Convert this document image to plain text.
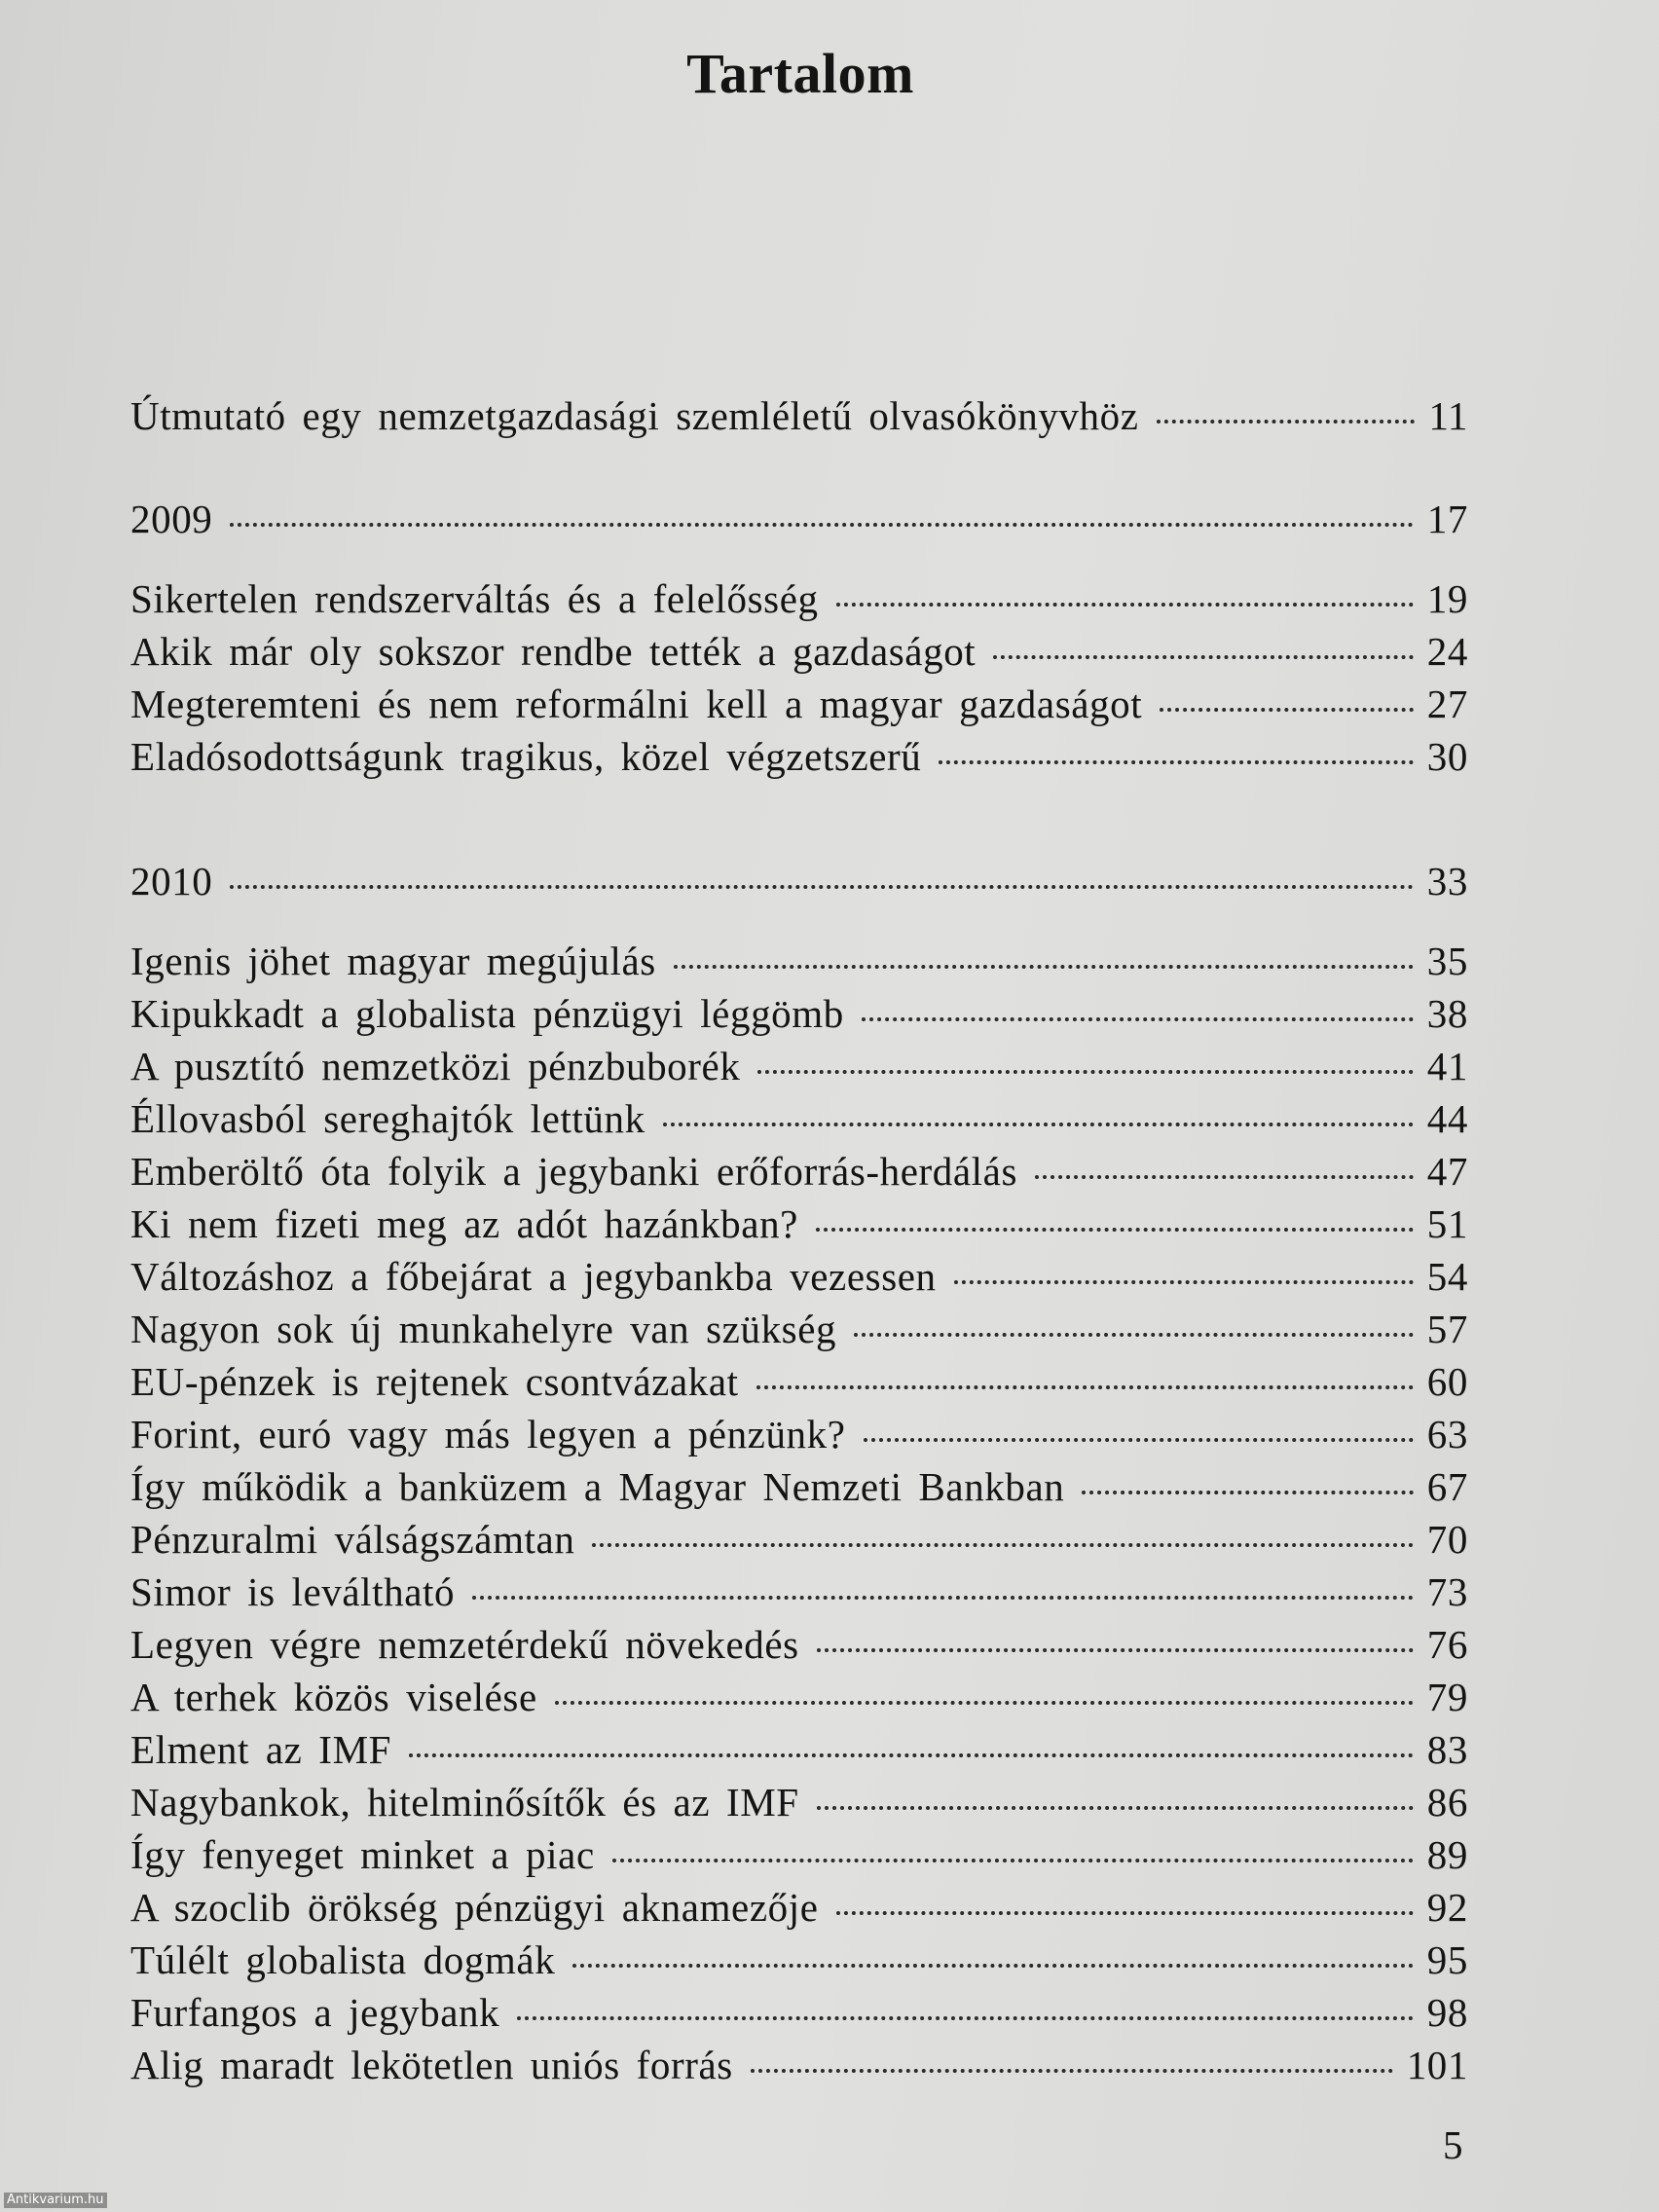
Tartalom
Útmutató egy nemzetgazdasági szemléletű olvasókönyvhöz	11
2009	17
Sikertelen rendszerváltás és a felelősség	19
Akik már oly sokszor rendbe tették a gazdaságot	24
Megteremteni és nem reformálni kell a magyar gazdaságot	27
Eladósodottságunk tragikus, közel végzetszerű	30
2010	33
Igenis jöhet magyar megújulás	35
Kipukkadt a globalista pénzügyi léggömb	38
A pusztító nemzetközi pénzbuborék	41
Éllovasból sereghajtók lettünk	44
Emberöltő óta folyik a jegybanki erőforrás-herdálás	47
Ki nem fizeti meg az adót hazánkban?	51
Változáshoz a főbejárat a jegybankba vezessen	54
Nagyon sok új munkahelyre van szükség	57
EU-pénzek is rejtenek csontvázakat	60
Forint, euró vagy más legyen a pénzünk?	63
Így működik a banküzem a Magyar Nemzeti Bankban	67
Pénzuralmi válságszámtan	70
Simor is leváltható	73
Legyen végre nemzetérdekű növekedés	76
A terhek közös viselése	79
Elment az IMF	83
Nagybankok, hitelminősítők és az IMF	86
Így fenyeget minket a piac	89
A szoclib örökség pénzügyi aknamezője	92
Túlélt globalista dogmák	95
Furfangos a jegybank	98
Alig maradt lekötetlen uniós forrás	101
5
Antikvarium.hu
